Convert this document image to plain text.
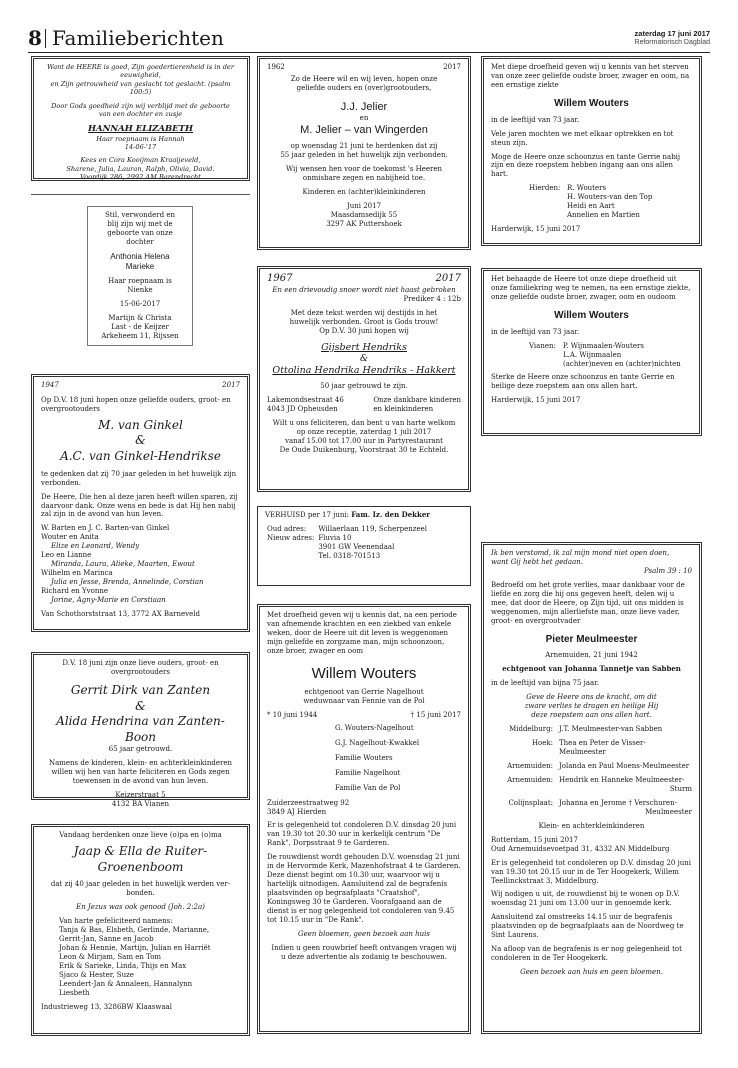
8 Familieberichten	zaterdag 17 juni 2017
Reformatorisch Dagblad

Want de HEERE is goed, Zijn goedertierenheid is in der eeuwigheid,

en Zijn getrouwheid van geslacht tot geslacht. (psalm 100:5)

Door Gods goedheid zijn wij verblijd met de geboorte

van een dochter en zusje

HANNAH ELIZABETH

Haar roepnaam is Hannah

14-06-'17

Kees en Cora Kooijman Kraaijeveld,

Sharene, Julia, Lauran, Ralph, Olivia, David.

Voordijk 286, 2992 AM Barendrecht

Stil, verwonderd en

blij zijn wij met de

geboorte van onze

dochter

Anthonia Helena

Marieke

Haar roepnaam is

Nienke

15-06-2017

Martijn & Christa

Last - de Keijzer

Arkeheem 11, Rijssen

1947	2017

Op D.V. 18 juni hopen onze geliefde ouders, groot- en overgrootouders

M. van Ginkel

&

A.C. van Ginkel-Hendrikse

te gedenken dat zij 70 jaar geleden in het huwelijk zijn verbonden.

De Heere, Die hen al deze jaren heeft willen sparen, zij daarvoor dank. Onze wens en bede is dat Hij hen nabij zal zijn in de avond van hun leven.

W. Barten en J. C. Barten-van Ginkel
Wouter en Anita
Elize en Leonard, Wendy
Leo en Lianne
Miranda, Laura, Alieke, Maarten, Ewout
Wilhelm en Marinca
Julia en Jesse, Brenda, Annelinde, Corstian
Richard en Yvonne
Jorine, Agny-Marie en Corstiaan

Van Schothorststraat 13, 3772 AX Barneveld

D.V. 18 juni zijn onze lieve ouders, groot- en

overgrootouders

Gerrit Dirk van Zanten

&

Alida Hendrina van Zanten-Boon

65 jaar getrouwd.

Namens de kinderen, klein- en achterkleinkinderen

willen wij hen van harte feliciteren en Gods zegen

toewensen in de avond van hun leven.

Keizerstraat 5

4132 BA Vianen

Vandaag herdenken onze lieve (o)pa en (o)ma

Jaap & Ella de Ruiter-Groenenboom

dat zij 40 jaar geleden in het huwelijk werden ver-

bonden.

En Jezus was ook genood (Joh. 2:2a)

Van harte gefeliciteerd namens:

Tanja & Bas, Elsbeth, Gerlinde, Marianne,
Gerrit-Jan, Sanne en Jacob
Johan & Hennie, Martijn, Julian en Harriët
Leon & Mirjam, Sam en Tom
Erik & Sarieke, Linda, Thijs en Max
Sjaco & Hester, Suze
Leendert-Jan & Annaleen, Hannalynn
Liesbeth

Industrieweg 13, 3286BW Klaaswaal

1962	2017

Zo de Heere wil en wij leven, hopen onze

geliefde ouders en (over)grootouders,

J.J. Jelier

en

M. Jelier – van Wingerden

op woensdag 21 juni te herdenken dat zij

55 jaar geleden in het huwelijk zijn verbonden.

Wij wensen hen voor de toekomst 's Heeren

onmisbare zegen en nabijheid toe.

Kinderen en (achter)kleinkinderen

Juni 2017

Maasdamsedijk 55

3297 AK Puttershoek

1967	2017

En een drievoudig snoer wordt niet haast gebroken

Prediker 4 : 12b

Met deze tekst werden wij destijds in het

huwelijk verbonden. Groot is Gods trouw!

Op D.V. 30 juni hopen wij

Gijsbert Hendriks

&

Ottolina Hendrika Hendriks - Hakkert

50 jaar getrouwd te zijn.

Lakemondsestraat 46

4043 JD Opheusden

Onze dankbare kinderen

en kleinkinderen

Wilt u ons feliciteren, dan bent u van harte welkom

op onze receptie, zaterdag 1 juli 2017

vanaf 15.00 tot 17.00 uur in Partyrestaurant

De Oude Duikenburg, Voorstraat 30 te Echteld.

VERHUISD per 17 juni: Fam. Iz. den Dekker

Oud adres:	Willaerlaan 119, Scherpenzeel
Nieuw adres:	Fluvia 10
3901 GW Veenendaal
Tel. 0318-701513

Met droefheid geven wij u kennis dat, na een periode van afnemende krachten en een ziekbed van enkele weken, door de Heere uit dit leven is weggenomen mijn geliefde en zorgzame man, mijn schoonzoon, onze broer, zwager en oom

Willem Wouters

echtgenoot van Gerrie Nagelhout

weduwnaar van Fennie van de Pol

* 10 juni 1944	† 15 juni 2017
G. Wouters-Nagelhout
G.J. Nagelhout-Kwakkel
Familie Wouters
Familie Nagelhout
Familie Van de Pol

Zuiderzeestraatweg 92

3849 AJ Hierden

Er is gelegenheid tot condoleren D.V. dinsdag 20 juni van 19.30 tot 20.30 uur in kerkelijk centrum "De Rank", Dorpsstraat 9 te Garderen.

De rouwdienst wordt gehouden D.V. woensdag 21 juni in de Hervormde Kerk, Mazenhofstraat 4 te Garderen. Deze dienst begint om 10.30 uur, waarvoor wij u hartelijk uitnodigen. Aansluitend zal de begrafenis plaatsvinden op begraafplaats "Craatshof", Koningsweg 30 te Garderen. Voorafgaand aan de dienst is er nog gelegenheid tot condoleren van 9.45 tot 10.15 uur in "De Rank".

Geen bloemen, geen bezoek aan huis

Indien u geen rouwbrief heeft ontvangen vragen wij

u deze advertentie als zodanig te beschouwen.

Met diepe droefheid geven wij u kennis van het sterven van onze zeer geliefde oudste broer, zwager en oom, na een ernstige ziekte

Willem Wouters

in de leeftijd van 73 jaar.

Vele jaren mochten we met elkaar optrekken en tot steun zijn.

Moge de Heere onze schoonzus en tante Gerrie nabij zijn en deze roepstem hebben ingang aan ons allen hart.

Hierden: R. Wouters
H. Wouters-van den Top
Heidi en Aart
Annelien en Martien

Harderwijk, 15 juni 2017

Het behaagde de Heere tot onze diepe droefheid uit onze familiekring weg te nemen, na een ernstige ziekte, onze geliefde oudste broer, zwager, oom en oudoom

Willem Wouters

in de leeftijd van 73 jaar.

Vianen:	P. Wijnmaalen-Wouters
L.A. Wijnmaalen
(achter)neven en (achter)nichten

Sterke de Heere onze schoonzus en tante Gerrie en heilige deze roepstem aan ons allen hart.

Harderwijk, 15 juni 2017

Ik ben verstomd, ik zal mijn mond niet open doen,

want Gij hebt het gedaan.

Psalm 39 : 10

Bedroefd om het grote verlies, maar dankbaar voor de liefde en zorg die hij ons gegeven heeft, delen wij u mee, dat door de Heere, op Zijn tijd, uit ons midden is weggenomen, mijn allerliefste man, onze lieve vader, groot- en overgrootvader

Pieter Meulmeester

Arnemuiden, 21 juni 1942

echtgenoot van Johanna Tannetje van Sabben

in de leeftijd van bijna 75 jaar.

Geve de Heere ons de kracht, om dit

zware verlies te dragen en heilige Hij

deze roepstem aan ons allen hart.

Middelburg: J.T. Meulmeester-van Sabben
Hoek: Thea en Peter de Visser-Meulmeester
Arnemuiden: Jolanda en Paul Moens-Meulmeester
Arnemuiden: Hendrik en Hanneke Meulmeester-
Sturm
Colijnsplaat: Johanna en Jerome † Verschuren-
Meulmeester

Klein- en achterkleinkinderen

Rotterdam, 15 juni 2017

Oud Arnemuidsevoetpad 31, 4332 AN Middelburg

Er is gelegenheid tot condoleren op D.V. dinsdag 20 juni van 19.30 tot 20.15 uur in de Ter Hoogekerk, Willem Teellinckstraat 3, Middelburg.

Wij nodigen u uit, de rouwdienst bij te wonen op D.V. woensdag 21 juni om 13.00 uur in genoemde kerk.

Aansluitend zal omstreeks 14.15 uur de begrafenis plaatsvinden op de begraafplaats aan de Noordweg te Sint Laurens.

Na afloop van de begrafenis is er nog gelegenheid tot condoleren in de Ter Hoogekerk.

Geen bezoek aan huis en geen bloemen.
